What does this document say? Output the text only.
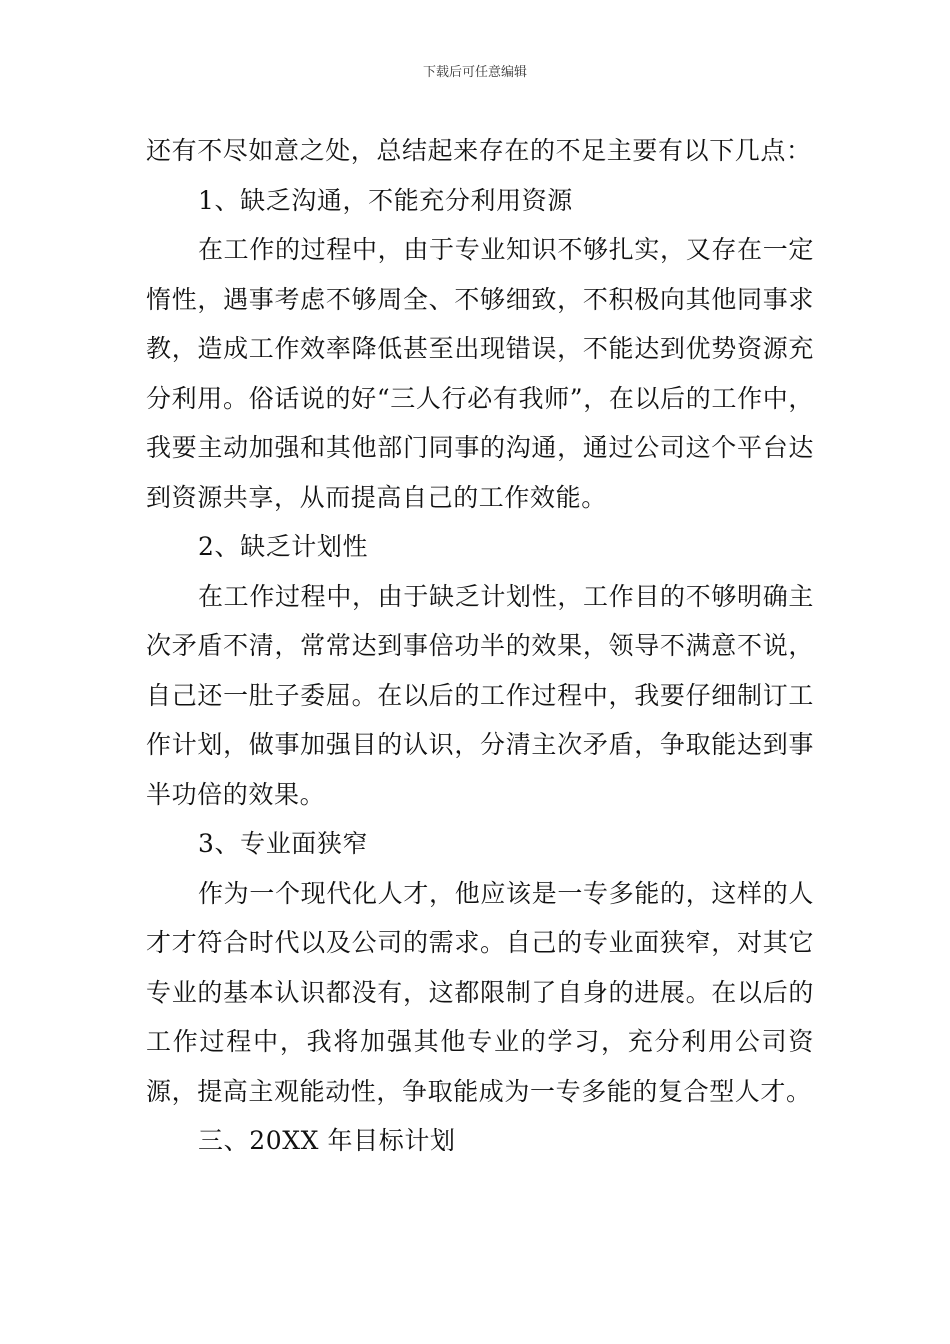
下载后可任意编辑

还有不尽如意之处，总结起来存在的不足主要有以下几点：

1、缺乏沟通，不能充分利用资源

在工作的过程中，由于专业知识不够扎实，又存在一定惰性，遇事考虑不够周全、不够细致，不积极向其他同事求教，造成工作效率降低甚至出现错误，不能达到优势资源充分利用。俗话说的好“三人行必有我师”，在以后的工作中，我要主动加强和其他部门同事的沟通，通过公司这个平台达到资源共享，从而提高自己的工作效能。

2、缺乏计划性

在工作过程中，由于缺乏计划性，工作目的不够明确主次矛盾不清，常常达到事倍功半的效果，领导不满意不说，自己还一肚子委屈。在以后的工作过程中，我要仔细制订工作计划，做事加强目的认识，分清主次矛盾，争取能达到事半功倍的效果。

3、专业面狭窄

作为一个现代化人才，他应该是一专多能的，这样的人才才符合时代以及公司的需求。自己的专业面狭窄，对其它专业的基本认识都没有，这都限制了自身的进展。在以后的工作过程中，我将加强其他专业的学习，充分利用公司资源，提高主观能动性，争取能成为一专多能的复合型人才。

三、20XX 年目标计划
